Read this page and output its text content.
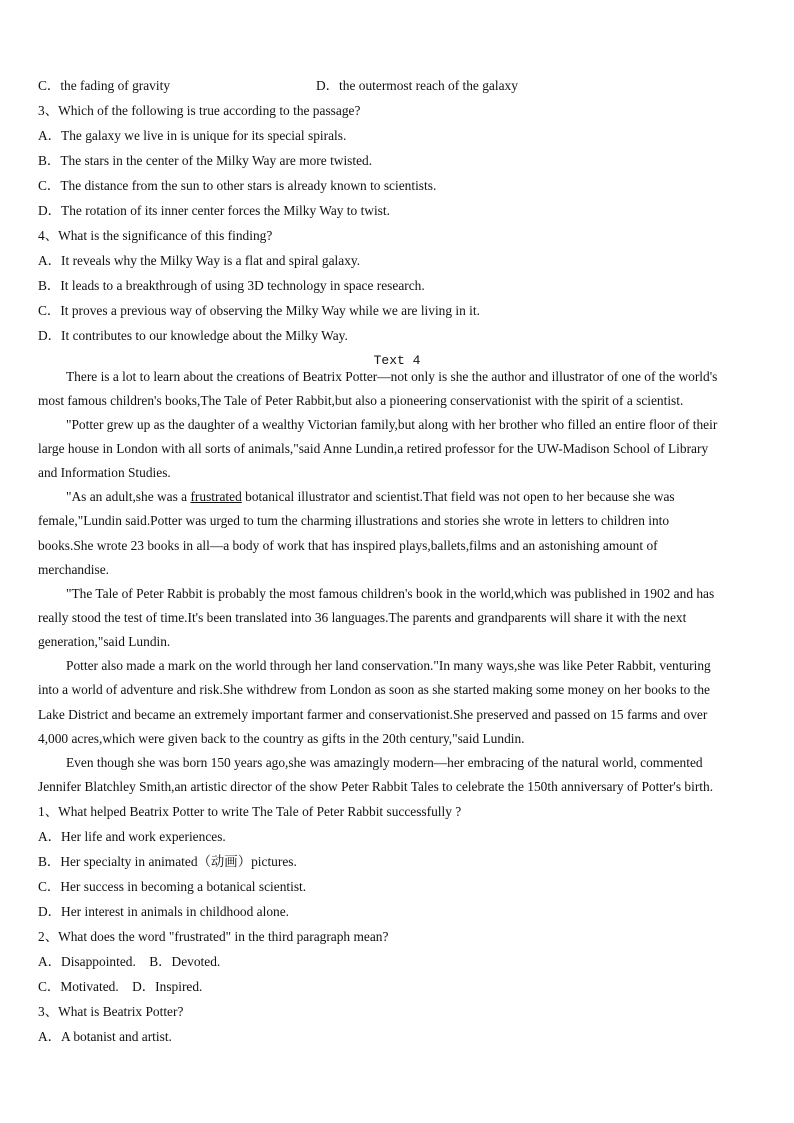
C．the fading of gravity	D．the outermost reach of the galaxy
3、Which of the following is true according to the passage?
A．The galaxy we live in is unique for its special spirals.
B．The stars in the center of the Milky Way are more twisted.
C．The distance from the sun to other stars is already known to scientists.
D．The rotation of its inner center forces the Milky Way to twist.
4、What is the significance of this finding?
A．It reveals why the Milky Way is a flat and spiral galaxy.
B．It leads to a breakthrough of using 3D technology in space research.
C．It proves a previous way of observing the Milky Way while we are living in it.
D．It contributes to our knowledge about the Milky Way.
Text 4
There is a lot to learn about the creations of Beatrix Potter—not only is she the author and illustrator of one of the world's
most famous children's books,The Tale of Peter Rabbit,but also a pioneering conservationist with the spirit of a scientist.
"Potter grew up as the daughter of a wealthy Victorian family,but along with her brother who filled an entire floor of their
large house in London with all sorts of animals,"said Anne Lundin,a retired professor for the UW-Madison School of Library
and Information Studies.
"As an adult,she was a frustrated botanical illustrator and scientist.That field was not open to her because she was
female,"Lundin said.Potter was urged to tum the charming illustrations and stories she wrote in letters to children into
books.She wrote 23 books in all—a body of work that has inspired plays,ballets,films and an astonishing amount of
merchandise.
"The Tale of Peter Rabbit is probably the most famous children's book in the world,which was published in 1902 and has
really stood the test of time.It's been translated into 36 languages.The parents and grandparents will share it with the next
generation,"said Lundin.
Potter also made a mark on the world through her land conservation."In many ways,she was like Peter Rabbit, venturing
into a world of adventure and risk.She withdrew from London as soon as she started making some money on her books to the
Lake District and became an extremely important farmer and conservationist.She preserved and passed on 15 farms and over
4,000 acres,which were given back to the country as gifts in the 20th century,"said Lundin.
Even though she was born 150 years ago,she was amazingly modern—her embracing of the natural world, commented
Jennifer Blatchley Smith,an artistic director of the show Peter Rabbit Tales to celebrate the 150th anniversary of Potter's birth.
1、What helped Beatrix Potter to write The Tale of Peter Rabbit successfully ?
A．Her life and work experiences.
B．Her specialty in animated（动画）pictures.
C．Her success in becoming a botanical scientist.
D．Her interest in animals in childhood alone.
2、What does the word "frustrated" in the third paragraph mean?
A．Disappointed.　B．Devoted.
C．Motivated.　D．Inspired.
3、What is Beatrix Potter?
A．A botanist and artist.
